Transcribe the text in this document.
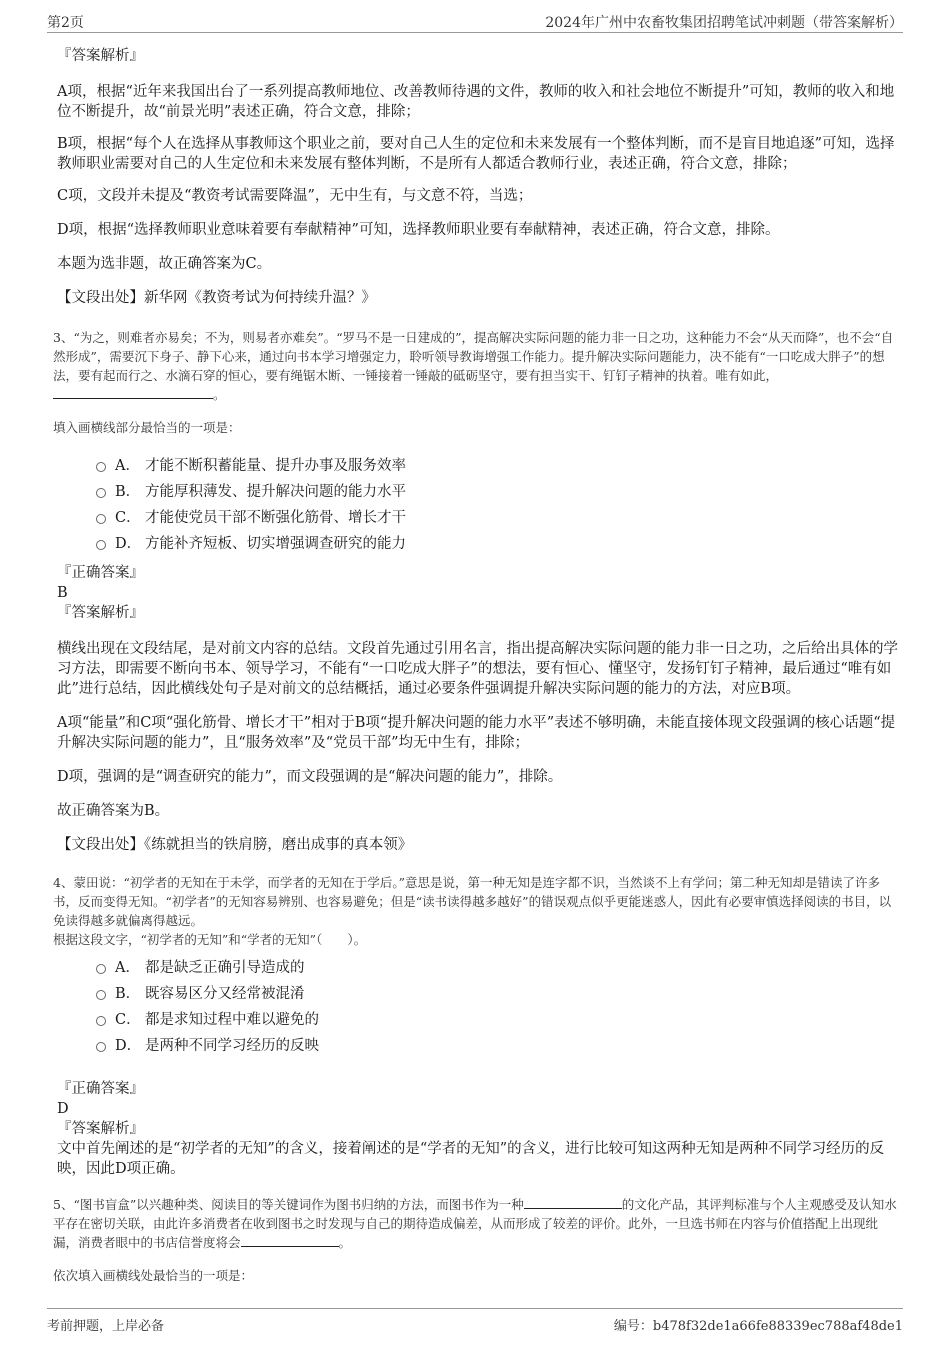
第2页	2024年广州中农畜牧集团招聘笔试冲刺题（带答案解析）

『答案解析』

A项，根据“近年来我国出台了一系列提高教师地位、改善教师待遇的文件，教师的收入和社会地位不断提升”可知，教师的收入和地位不断提升，故“前景光明”表述正确，符合文意，排除；

B项，根据“每个人在选择从事教师这个职业之前，要对自己人生的定位和未来发展有一个整体判断，而不是盲目地追逐”可知，选择教师职业需要对自己的人生定位和未来发展有整体判断，不是所有人都适合教师行业，表述正确，符合文意，排除；

C项，文段并未提及“教资考试需要降温”，无中生有，与文意不符，当选；

D项，根据“选择教师职业意味着要有奉献精神”可知，选择教师职业要有奉献精神，表述正确，符合文意，排除。

本题为选非题，故正确答案为C。

【文段出处】新华网《教资考试为何持续升温？》

3、“为之，则难者亦易矣；不为，则易者亦难矣”。“罗马不是一日建成的”，提高解决实际问题的能力非一日之功，这种能力不会“从天而降”，也不会“自然形成”，需要沉下身子、静下心来，通过向书本学习增强定力，聆听领导教诲增强工作能力。提升解决实际问题能力，决不能有“一口吃成大胖子”的想法，要有起而行之、水滴石穿的恒心，要有绳锯木断、一锤接着一锤敲的砥砺坚守，要有担当实干、钉钉子精神的执着。唯有如此，。

填入画横线部分最恰当的一项是：

A． 才能不断积蓄能量、提升办事及服务效率
B． 方能厚积薄发、提升解决问题的能力水平
C． 才能使党员干部不断强化筋骨、增长才干
D． 方能补齐短板、切实增强调查研究的能力

『正确答案』

B

『答案解析』

横线出现在文段结尾，是对前文内容的总结。文段首先通过引用名言，指出提高解决实际问题的能力非一日之功，之后给出具体的学习方法，即需要不断向书本、领导学习，不能有“一口吃成大胖子”的想法，要有恒心、懂坚守，发扬钉钉子精神，最后通过“唯有如此”进行总结，因此横线处句子是对前文的总结概括，通过必要条件强调提升解决实际问题的能力的方法，对应B项。

A项“能量”和C项“强化筋骨、增长才干”相对于B项“提升解决问题的能力水平”表述不够明确，未能直接体现文段强调的核心话题“提升解决实际问题的能力”，且“服务效率”及“党员干部”均无中生有，排除；

D项，强调的是“调查研究的能力”，而文段强调的是“解决问题的能力”，排除。

故正确答案为B。

【文段出处】《练就担当的铁肩膀，磨出成事的真本领》

4、蒙田说：“初学者的无知在于未学，而学者的无知在于学后。”意思是说，第一种无知是连字都不识，当然谈不上有学问；第二种无知却是错读了许多书，反而变得无知。“初学者”的无知容易辨别、也容易避免；但是“读书读得越多越好”的错误观点似乎更能迷惑人，因此有必要审慎选择阅读的书目，以免读得越多就偏离得越远。

根据这段文字，“初学者的无知”和“学者的无知”（　　）。

A． 都是缺乏正确引导造成的
B． 既容易区分又经常被混淆
C． 都是求知过程中难以避免的
D． 是两种不同学习经历的反映

『正确答案』

D

『答案解析』

文中首先阐述的是“初学者的无知”的含义，接着阐述的是“学者的无知”的含义，进行比较可知这两种无知是两种不同学习经历的反映，因此D项正确。

5、“图书盲盒”以兴趣种类、阅读目的等关键词作为图书归纳的方法，而图书作为一种	的文化产品，其评判标准与个人主观感受及认知水平存在密切关联，由此许多消费者在收到图书之时发现与自己的期待造成偏差，从而形成了较差的评价。此外，一旦选书师在内容与价值搭配上出现纰漏，消费者眼中的书店信誉度将会	。

依次填入画横线处最恰当的一项是：

考前押题，上岸必备	编号：b478f32de1a66fe88339ec788af48de1
